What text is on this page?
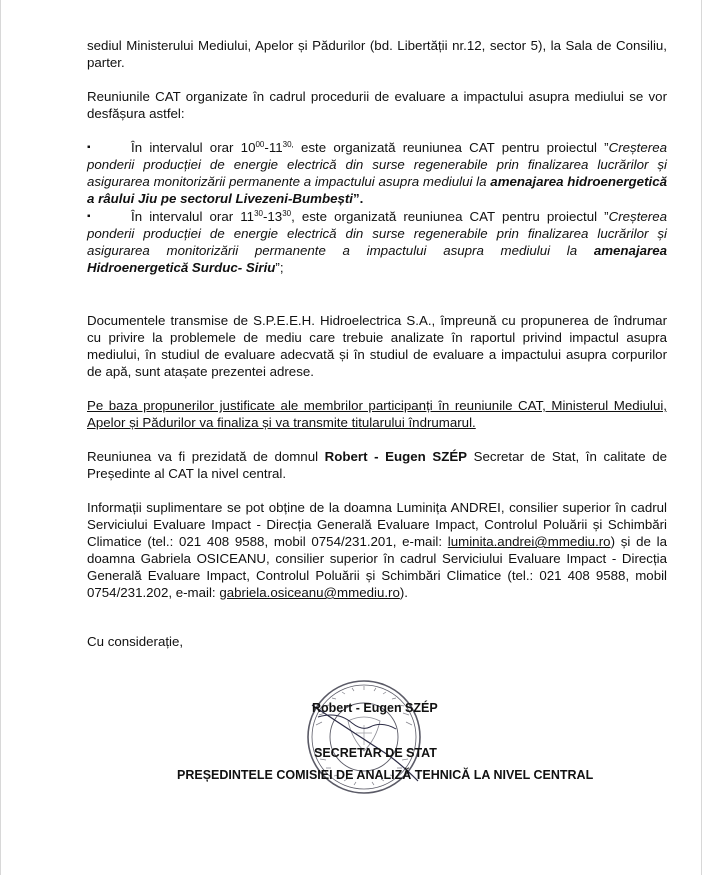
sediul Ministerului Mediului, Apelor și Pădurilor (bd. Libertății nr.12, sector 5), la Sala de Consiliu, parter.

Reuniunile CAT organizate în cadrul procedurii de evaluare a impactului asupra mediului se vor desfășura astfel:

▪	În intervalul orar $10^{00}-11^{30,}$ este organizată reuniunea CAT pentru proiectul ”Creșterea ponderii producției de energie electrică din surse regenerabile prin finalizarea lucrărilor și asigurarea monitorizării permanente a impactului asupra mediului la amenajarea hidroenergetică a râului Jiu pe sectorul Livezeni-Bumbești”.

▪	În intervalul orar $11^{30}-13^{30}$, este organizată reuniunea CAT pentru proiectul ”Creșterea ponderii producției de energie electrică din surse regenerabile prin finalizarea lucrărilor și asigurarea monitorizării permanente a impactului asupra mediului la amenajarea Hidroenergetică Surduc- Siriu”;

Documentele transmise de S.P.E.E.H. Hidroelectrica S.A., împreună cu propunerea de îndrumar cu privire la problemele de mediu care trebuie analizate în raportul privind impactul asupra mediului, în studiul de evaluare adecvată și în studiul de evaluare a impactului asupra corpurilor de apă, sunt atașate prezentei adrese.

Pe baza propunerilor justificate ale membrilor participanți în reuniunile CAT, Ministerul Mediului, Apelor și Pădurilor va finaliza și va transmite titularului îndrumarul.

Reuniunea va fi prezidată de domnul Robert - Eugen SZÉP Secretar de Stat, în calitate de Președinte al CAT la nivel central.

Informații suplimentare se pot obține de la doamna Luminița ANDREI, consilier superior în cadrul Serviciului Evaluare Impact - Direcția Generală Evaluare Impact, Controlul Poluării și Schimbări Climatice (tel.: 021 408 9588, mobil 0754/231.201, e-mail: luminita.andrei@mmediu.ro) și de la doamna Gabriela OSICEANU, consilier superior în cadrul Serviciului Evaluare Impact - Direcția Generală Evaluare Impact, Controlul Poluării și Schimbări Climatice (tel.: 021 408 9588, mobil 0754/231.202, e-mail: gabriela.osiceanu@mmediu.ro).

Cu considerație,

Robert - Eugen SZÉP
SECRETAR DE STAT
PREȘEDINTELE COMISIEI DE ANALIZĂ TEHNICĂ LA NIVEL CENTRAL
